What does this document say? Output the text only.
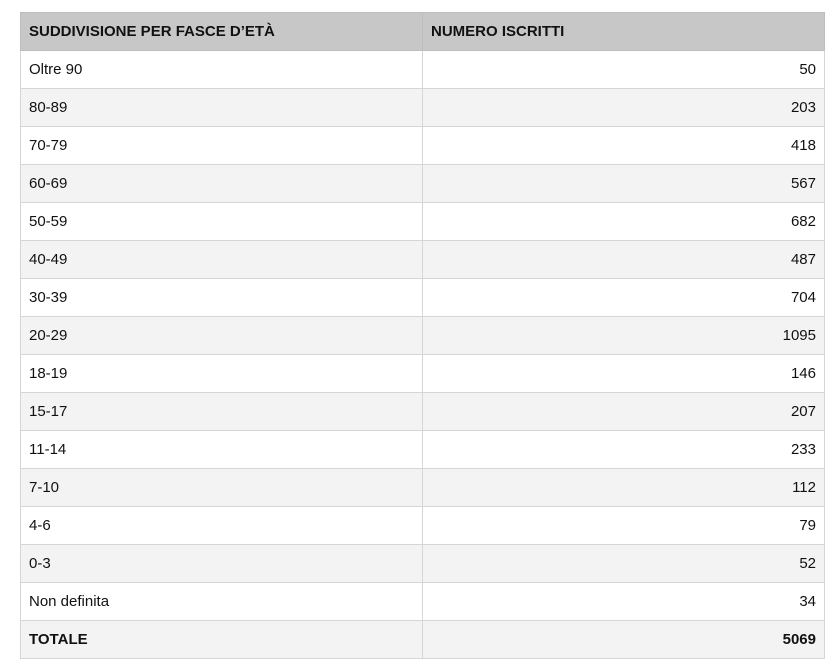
SUDDIVISIONE PER FASCE D’ETÀ	NUMERO ISCRITTI
Oltre 90	50
80-89	203
70-79	418
60-69	567
50-59	682
40-49	487
30-39	704
20-29	1095
18-19	146
15-17	207
11-14	233
7-10	112
4-6	79
0-3	52
Non definita	34
TOTALE	5069
